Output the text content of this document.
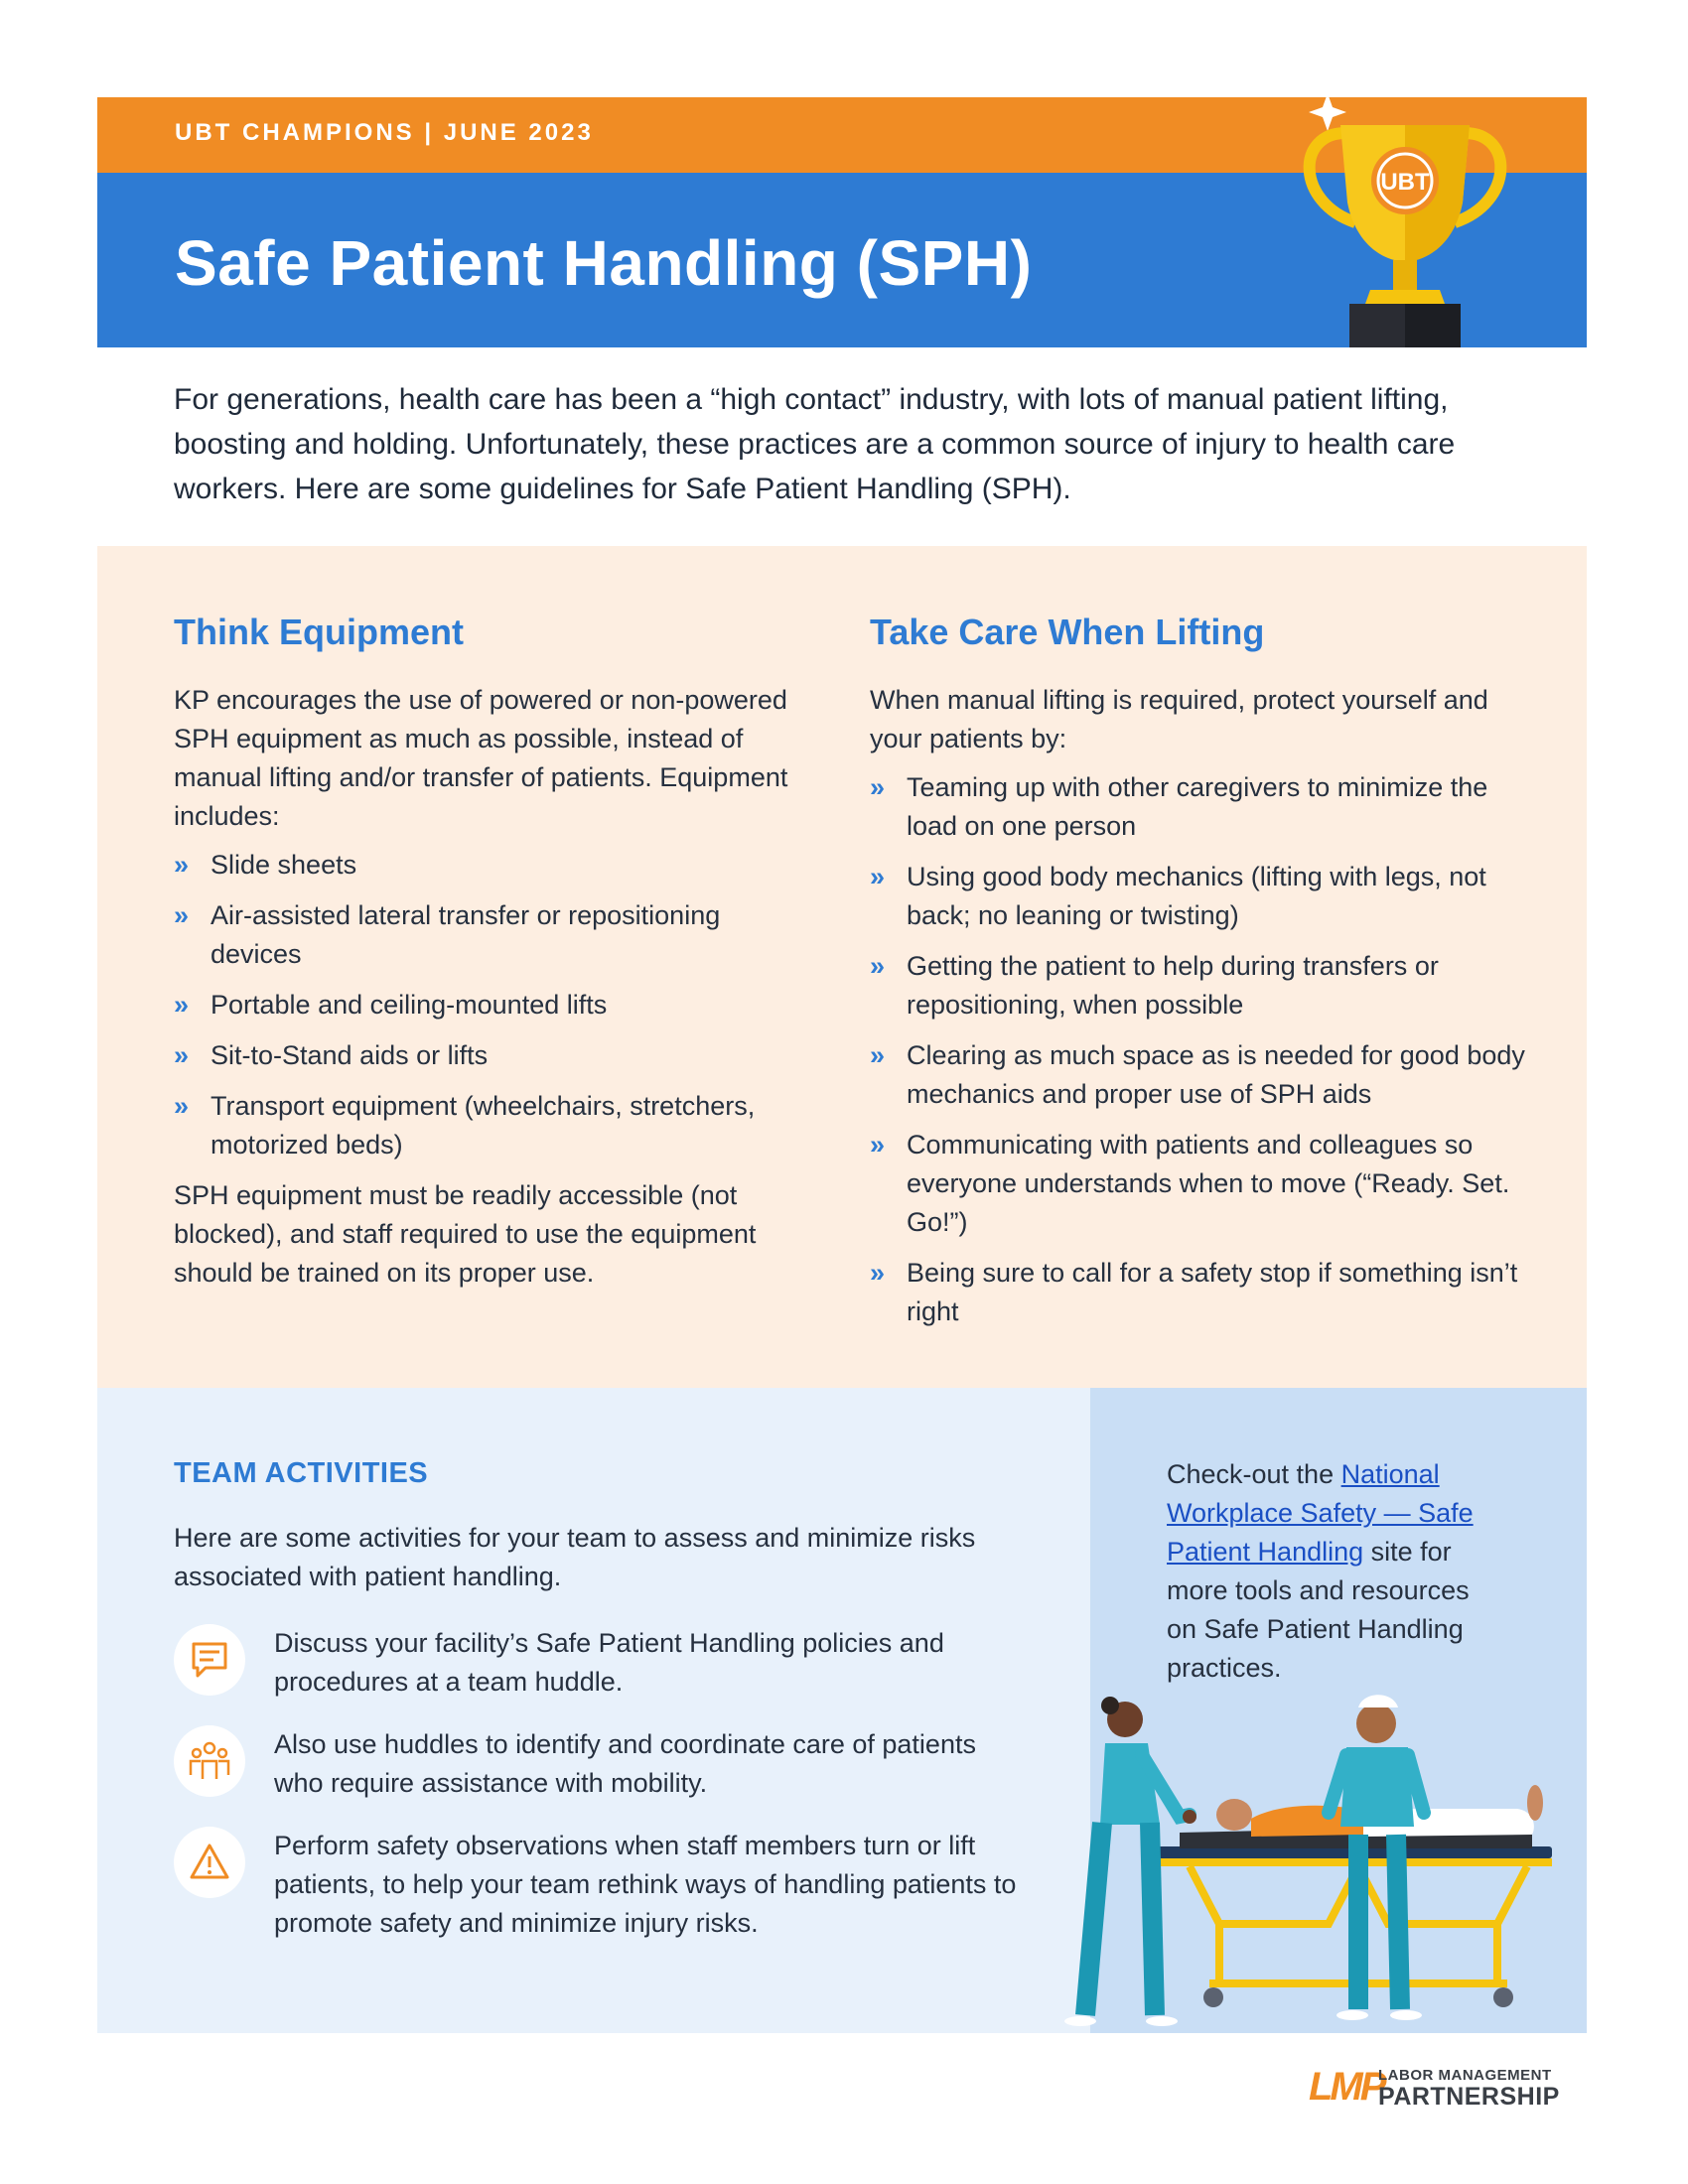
UBT CHAMPIONS | JUNE 2023
Safe Patient Handling (SPH)
UBT

For generations, health care has been a “high contact” industry, with lots of manual patient lifting, boosting and holding. Unfortunately, these practices are a common source of injury to health care workers. Here are some guidelines for Safe Patient Handling (SPH).

Think Equipment

KP encourages the use of powered or non-powered SPH equipment as much as possible, instead of manual lifting and/or transfer of patients. Equipment includes:

» Slide sheets
» Air-assisted lateral transfer or repositioning devices
» Portable and ceiling-mounted lifts
» Sit-to-Stand aids or lifts
» Transport equipment (wheelchairs, stretchers, motorized beds)

SPH equipment must be readily accessible (not blocked), and staff required to use the equipment should be trained on its proper use.

Take Care When Lifting

When manual lifting is required, protect yourself and your patients by:

» Teaming up with other caregivers to minimize the load on one person
» Using good body mechanics (lifting with legs, not back; no leaning or twisting)
» Getting the patient to help during transfers or repositioning, when possible
» Clearing as much space as is needed for good body mechanics and proper use of SPH aids
» Communicating with patients and colleagues so everyone understands when to move (“Ready. Set. Go!”)
» Being sure to call for a safety stop if something isn’t right
TEAM ACTIVITIES

Here are some activities for your team to assess and minimize risks associated with patient handling.

Discuss your facility’s Safe Patient Handling policies and procedures at a team huddle.
Also use huddles to identify and coordinate care of patients who require assistance with mobility.
Perform safety observations when staff members turn or lift patients, to help your team rethink ways of handling patients to promote safety and minimize injury risks.

Check-out the National Workplace Safety — Safe Patient Handling site for more tools and resources on Safe Patient Handling practices.

LMP
LABOR MANAGEMENT
PARTNERSHIP
